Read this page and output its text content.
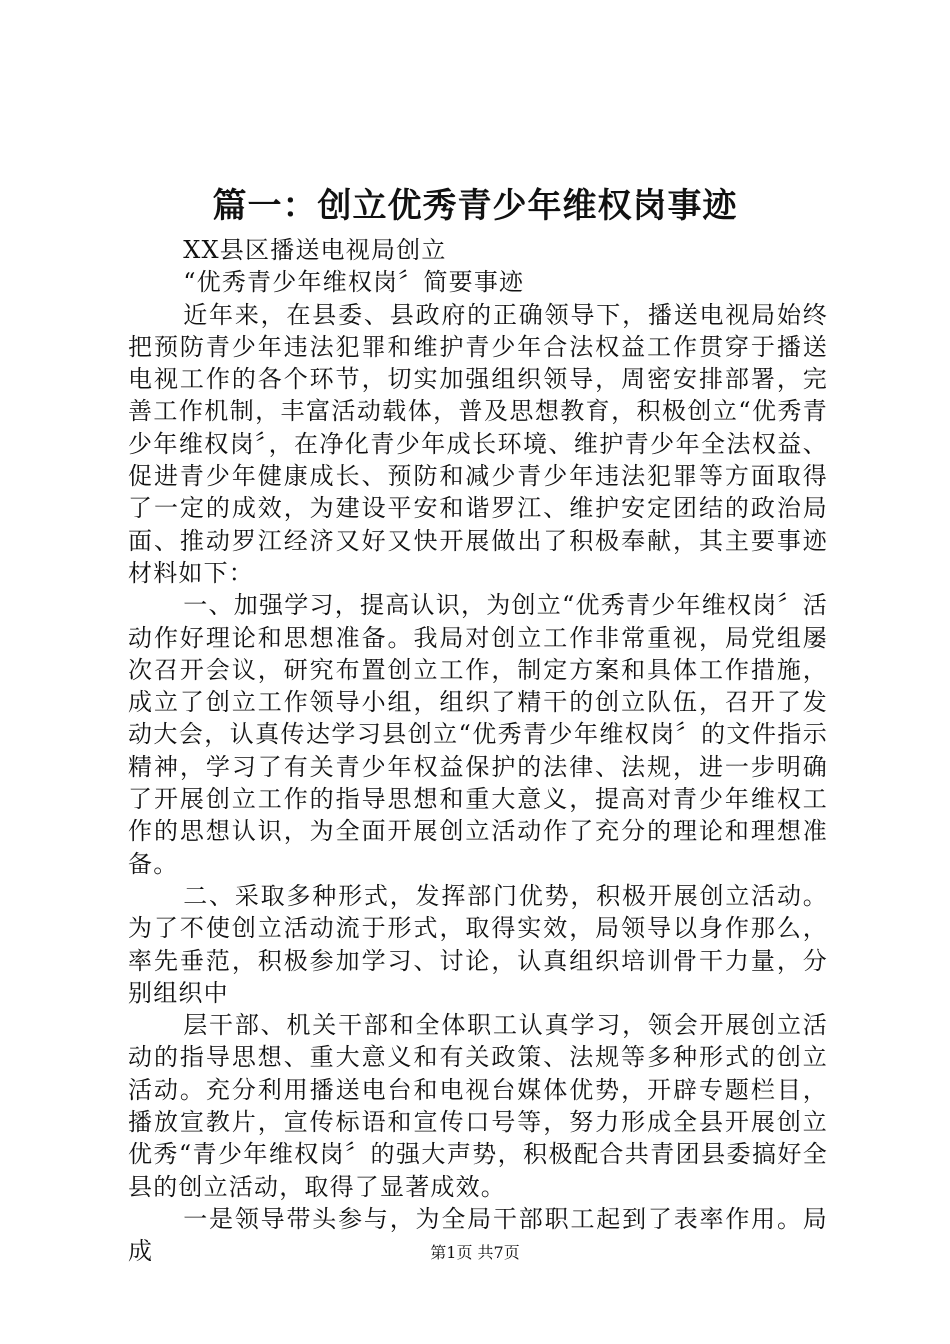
篇一：创立优秀青少年维权岗事迹

XX县区播送电视局创立

“优秀青少年维权岗〞简要事迹

近年来，在县委、县政府的正确领导下，播送电视局始终把预防青少年违法犯罪和维护青少年合法权益工作贯穿于播送电视工作的各个环节，切实加强组织领导，周密安排部署，完善工作机制，丰富活动载体，普及思想教育，积极创立“优秀青少年维权岗〞，在净化青少年成长环境、维护青少年全法权益、促进青少年健康成长、预防和减少青少年违法犯罪等方面取得了一定的成效，为建设平安和谐罗江、维护安定团结的政治局面、推动罗江经济又好又快开展做出了积极奉献，其主要事迹材料如下：

一、加强学习，提高认识，为创立“优秀青少年维权岗〞活动作好理论和思想准备。我局对创立工作非常重视，局党组屡次召开会议，研究布置创立工作，制定方案和具体工作措施，成立了创立工作领导小组，组织了精干的创立队伍，召开了发动大会，认真传达学习县创立“优秀青少年维权岗〞的文件指示精神，学习了有关青少年权益保护的法律、法规，进一步明确了开展创立工作的指导思想和重大意义，提高对青少年维权工作的思想认识，为全面开展创立活动作了充分的理论和理想准备。

二、采取多种形式，发挥部门优势，积极开展创立活动。为了不使创立活动流于形式，取得实效，局领导以身作那么，率先垂范，积极参加学习、讨论，认真组织培训骨干力量，分别组织中

层干部、机关干部和全体职工认真学习，领会开展创立活动的指导思想、重大意义和有关政策、法规等多种形式的创立活动。充分利用播送电台和电视台媒体优势，开辟专题栏目，播放宣教片，宣传标语和宣传口号等，努力形成全县开展创立优秀“青少年维权岗〞的强大声势，积极配合共青团县委搞好全县的创立活动，取得了显著成效。

一是领导带头参与，为全局干部职工起到了表率作用。局成	第1页 共7页
